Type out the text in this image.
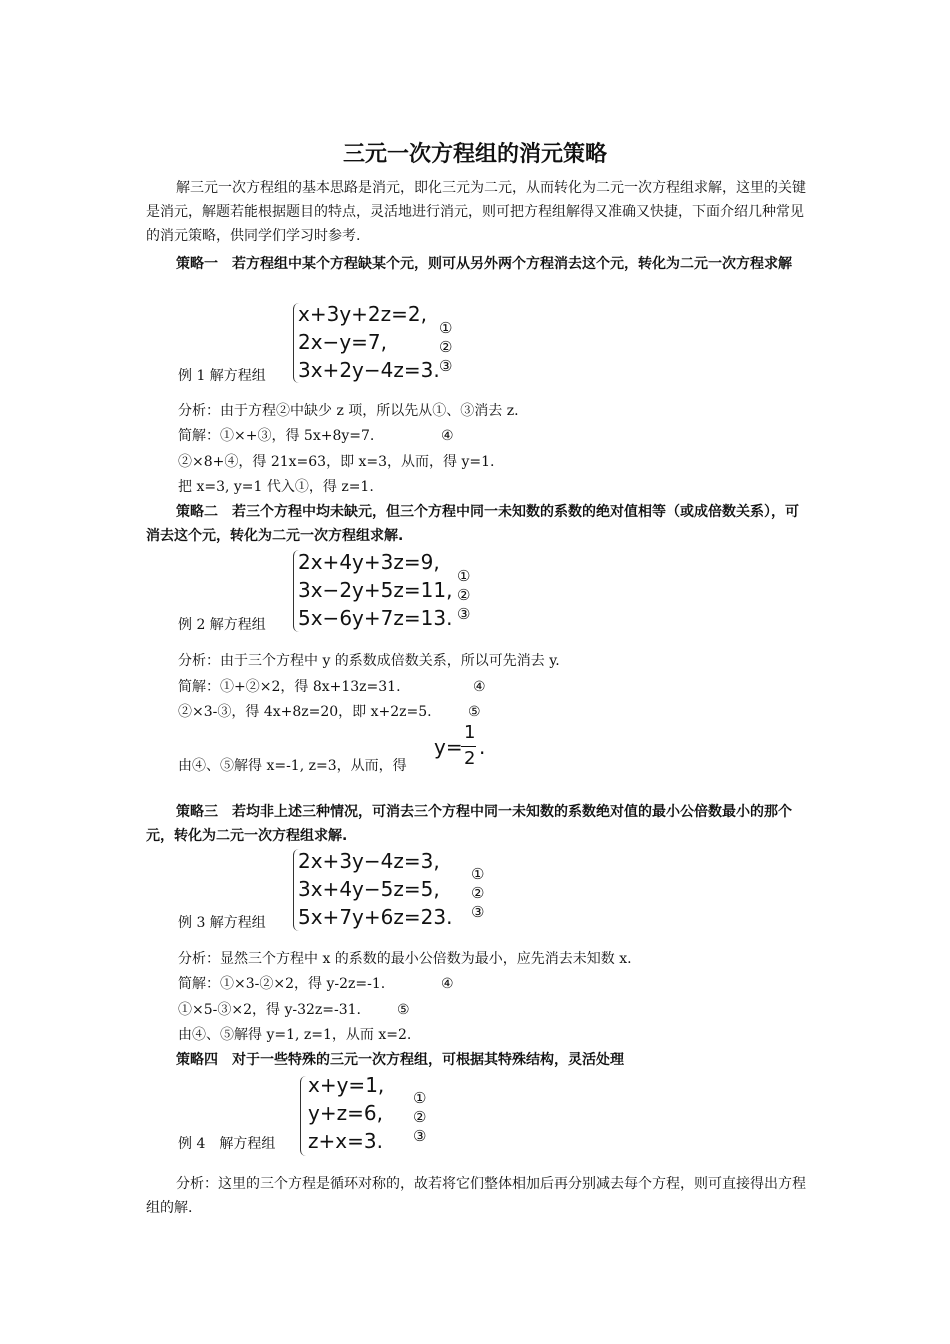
三元一次方程组的消元策略
解三元一次方程组的基本思路是消元，即化三元为二元，从而转化为二元一次方程组求解，这里的关键是消元，解题若能根据题目的特点，灵活地进行消元，则可把方程组解得又准确又快捷，下面介绍几种常见的消元策略，供同学们学习时参考.
策略一　若方程组中某个方程缺某个元，则可从另外两个方程消去这个元，转化为二元一次方程求解
x+3y+2z=2,
2x−y=7,
3x+2y−4z=3.
①
②
③
例 1 解方程组
分析：由于方程②中缺少 z 项，所以先从①、③消去 z.
简解：①×+③，得 5x+8y=7.	④
②×8+④，得 21x=63，即 x=3，从而，得 y=1.
把 x=3, y=1 代入①，得 z=1.
策略二　若三个方程中均未缺元，但三个方程中同一未知数的系数的绝对值相等（或成倍数关系），可消去这个元，转化为二元一次方程组求解.
2x+4y+3z=9,
3x−2y+5z=11,
5x−6y+7z=13.
①
②
③
例 2 解方程组
分析：由于三个方程中 y 的系数成倍数关系，所以可先消去 y.
简解：①+②×2，得 8x+13z=31.	④
②×3-③，得 4x+8z=20，即 x+2z=5.	⑤
由④、⑤解得 x=-1, z=3，从而，得
y=
1
2 .
策略三　若均非上述三种情况，可消去三个方程中同一未知数的系数绝对值的最小公倍数最小的那个元，转化为二元一次方程组求解.
2x+3y−4z=3,
3x+4y−5z=5,
5x+7y+6z=23.
①
②
③
例 3 解方程组
分析：显然三个方程中 x 的系数的最小公倍数为最小，应先消去未知数 x.
简解：①×3-②×2，得 y-2z=-1.	④
①×5-③×2，得 y-32z=-31.	⑤
由④、⑤解得 y=1, z=1，从而 x=2.
策略四　对于一些特殊的三元一次方程组，可根据其特殊结构，灵活处理
x+y=1,
y+z=6,
z+x=3.
①
②
③
例 4　解方程组
分析：这里的三个方程是循环对称的，故若将它们整体相加后再分别减去每个方程，则可直接得出方程组的解.
